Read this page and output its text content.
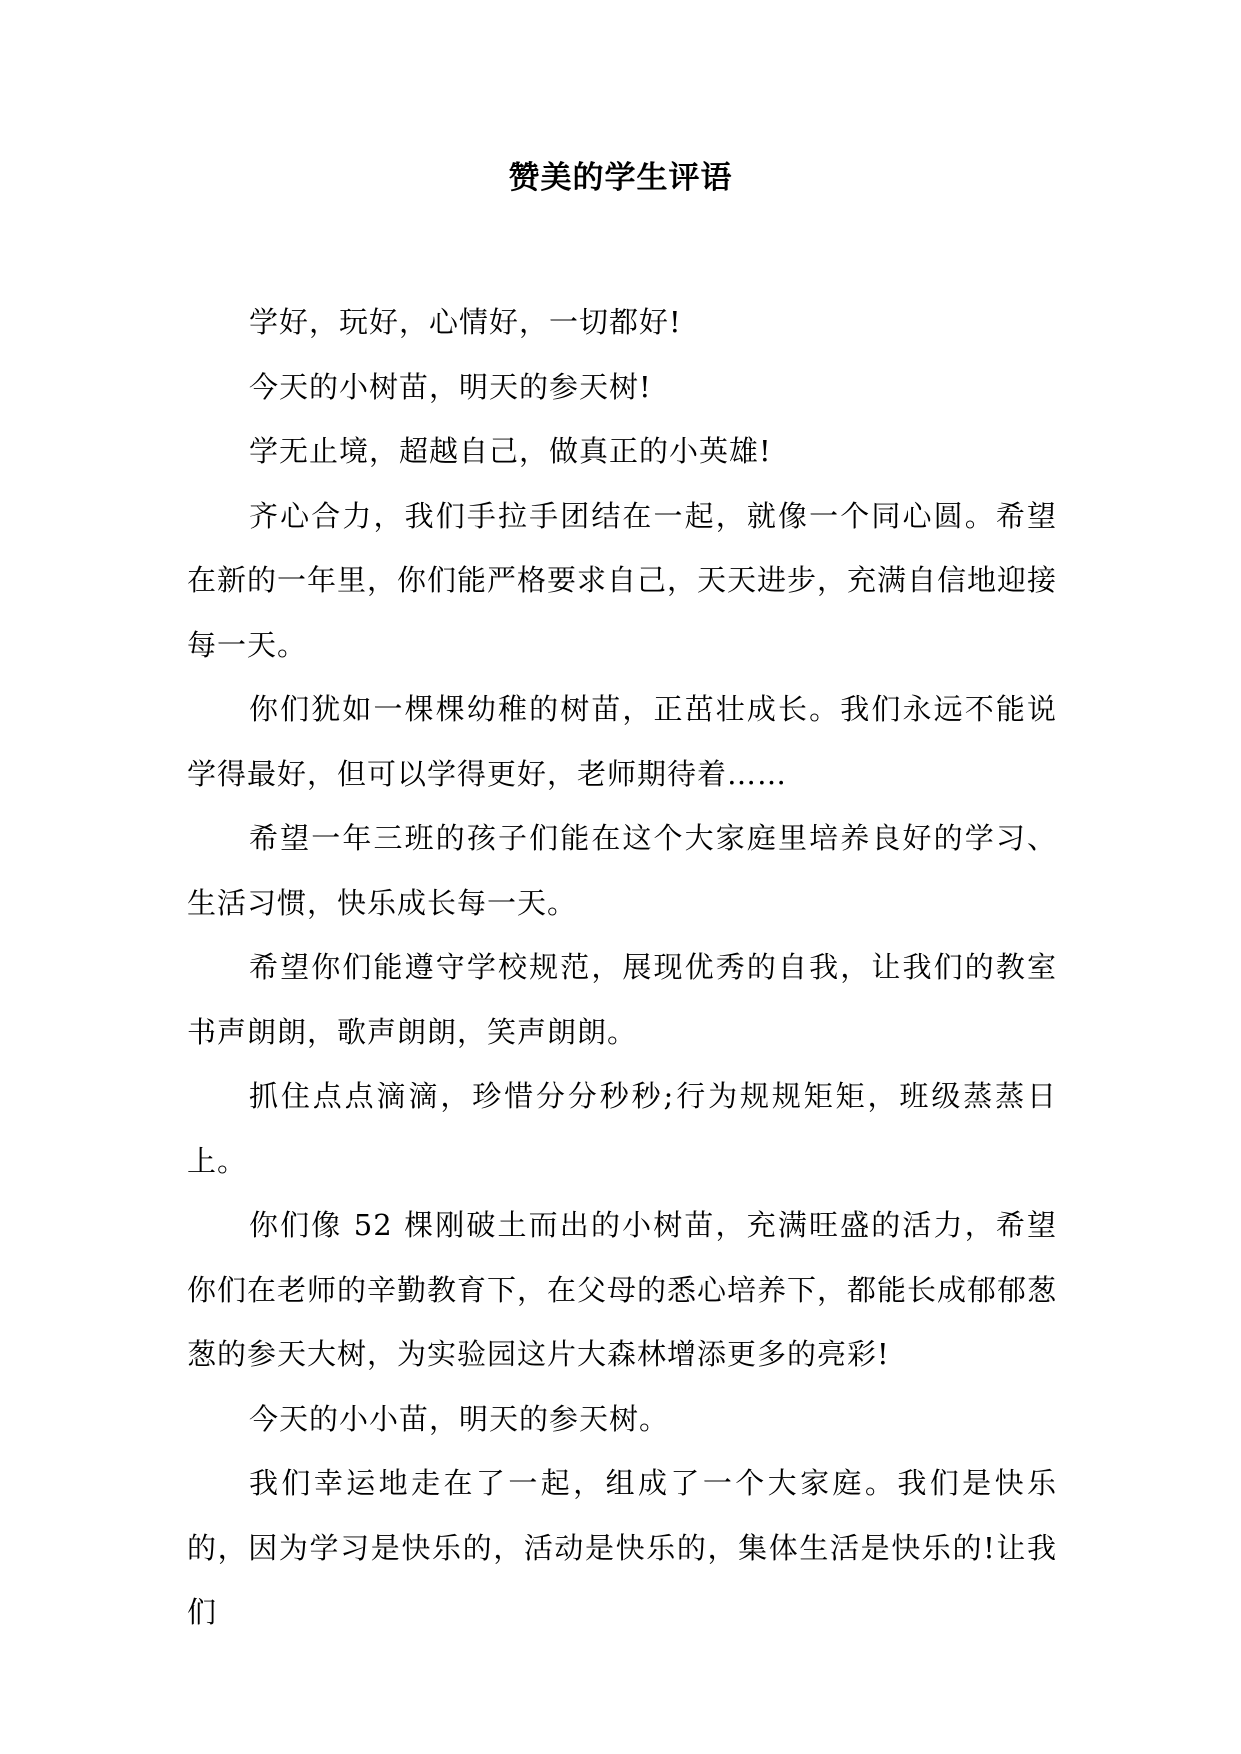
赞美的学生评语

学好，玩好，心情好，一切都好!

今天的小树苗，明天的参天树!

学无止境，超越自己，做真正的小英雄!

齐心合力，我们手拉手团结在一起，就像一个同心圆。希望在新的一年里，你们能严格要求自己，天天进步，充满自信地迎接每一天。

你们犹如一棵棵幼稚的树苗，正茁壮成长。我们永远不能说学得最好，但可以学得更好，老师期待着……

希望一年三班的孩子们能在这个大家庭里培养良好的学习、生活习惯，快乐成长每一天。

希望你们能遵守学校规范，展现优秀的自我，让我们的教室书声朗朗，歌声朗朗，笑声朗朗。

抓住点点滴滴，珍惜分分秒秒;行为规规矩矩，班级蒸蒸日上。

你们像 52 棵刚破土而出的小树苗，充满旺盛的活力，希望你们在老师的辛勤教育下，在父母的悉心培养下，都能长成郁郁葱葱的参天大树，为实验园这片大森林增添更多的亮彩!

今天的小小苗，明天的参天树。

我们幸运地走在了一起，组成了一个大家庭。我们是快乐的，因为学习是快乐的，活动是快乐的，集体生活是快乐的!让我们
